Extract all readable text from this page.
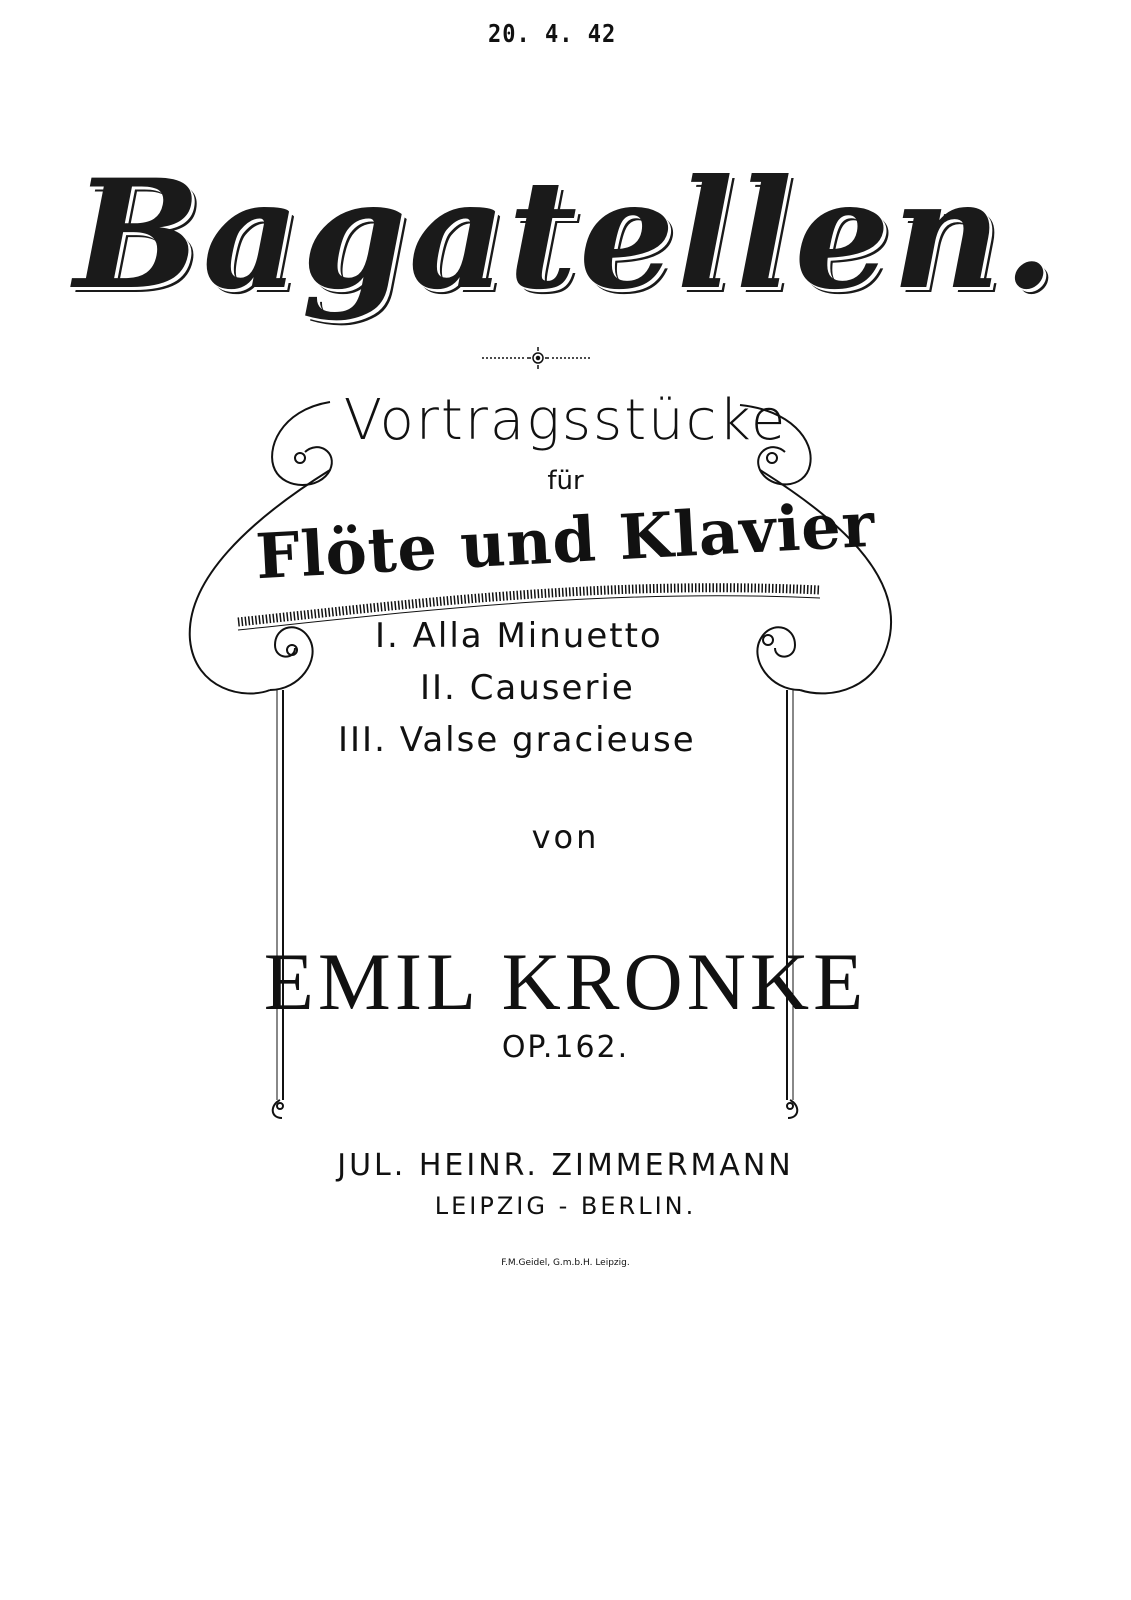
20. 4. 42
Bagatellen.
Vortragsstücke
für
Flöte und Klavier
I. Alla Minuetto
II. Causerie
III. Valse gracieuse
von
EMIL KRONKE
OP.162.
JUL. HEINR. ZIMMERMANN
LEIPZIG - BERLIN.
F.M.Geidel, G.m.b.H. Leipzig.
